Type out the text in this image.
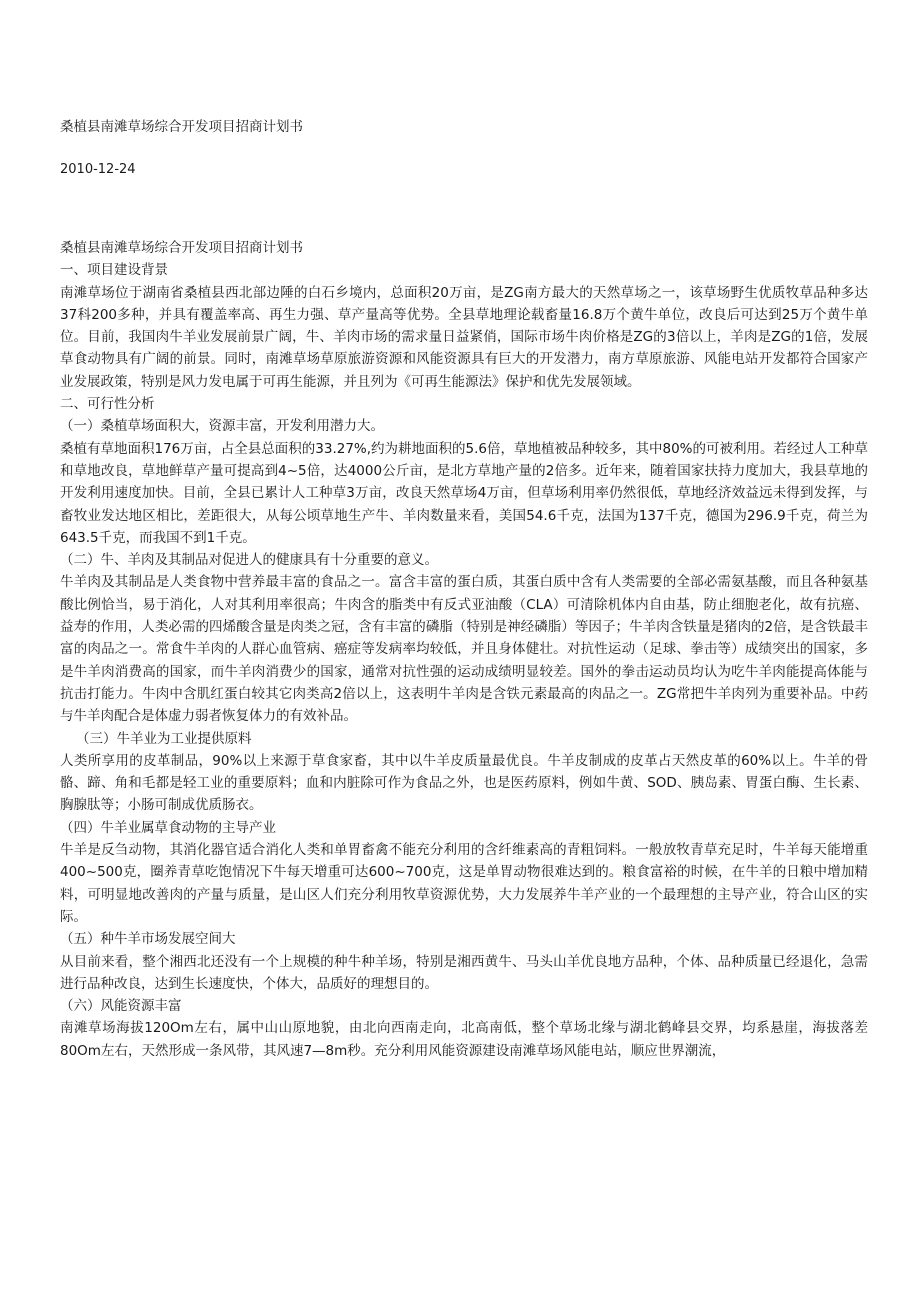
桑植县南滩草场综合开发项目招商计划书
2010-12-24

桑植县南滩草场综合开发项目招商计划书

一、项目建设背景

南滩草场位于湖南省桑植县西北部边陲的白石乡境内，总面积20万亩，是ZG南方最大的天然草场之一，该草场野生优质牧草品种多达37科200多种，并具有覆盖率高、再生力强、草产量高等优势。全县草地理论载畜量16.8万个黄牛单位，改良后可达到25万个黄牛单位。目前，我国肉牛羊业发展前景广阔，牛、羊肉市场的需求量日益紧俏，国际市场牛肉价格是ZG的3倍以上，羊肉是ZG的1倍，发展草食动物具有广阔的前景。同时，南滩草场草原旅游资源和风能资源具有巨大的开发潜力，南方草原旅游、风能电站开发都符合国家产业发展政策，特别是风力发电属于可再生能源，并且列为《可再生能源法》保护和优先发展领域。

二、可行性分析

（一）桑植草场面积大，资源丰富，开发利用潜力大。

桑植有草地面积176万亩，占全县总面积的33.27%,约为耕地面积的5.6倍，草地植被品种较多，其中80%的可被利用。若经过人工种草和草地改良，草地鲜草产量可提高到4~5倍，达4000公斤亩，是北方草地产量的2倍多。近年来，随着国家扶持力度加大，我县草地的开发利用速度加快。目前，全县已累计人工种草3万亩，改良天然草场4万亩，但草场利用率仍然很低，草地经济效益远未得到发挥，与畜牧业发达地区相比，差距很大，从每公顷草地生产牛、羊肉数量来看，美国54.6千克，法国为137千克，德国为296.9千克，荷兰为643.5千克，而我国不到1千克。

（二）牛、羊肉及其制品对促进人的健康具有十分重要的意义。

牛羊肉及其制品是人类食物中营养最丰富的食品之一。富含丰富的蛋白质，其蛋白质中含有人类需要的全部必需氨基酸，而且各种氨基酸比例恰当，易于消化，人对其利用率很高；牛肉含的脂类中有反式亚油酸（CLA）可清除机体内自由基，防止细胞老化，故有抗癌、益寿的作用，人类必需的四烯酸含量是肉类之冠，含有丰富的磷脂（特别是神经磷脂）等因子；牛羊肉含铁量是猪肉的2倍，是含铁最丰富的肉品之一。常食牛羊肉的人群心血管病、癌症等发病率均较低，并且身体健壮。对抗性运动（足球、拳击等）成绩突出的国家，多是牛羊肉消费高的国家，而牛羊肉消费少的国家，通常对抗性强的运动成绩明显较差。国外的拳击运动员均认为吃牛羊肉能提高体能与抗击打能力。牛肉中含肌红蛋白较其它肉类高2倍以上，这表明牛羊肉是含铁元素最高的肉品之一。ZG常把牛羊肉列为重要补品。中药与牛羊肉配合是体虚力弱者恢复体力的有效补品。

（三）牛羊业为工业提供原料

人类所享用的皮革制品，90%以上来源于草食家畜，其中以牛羊皮质量最优良。牛羊皮制成的皮革占天然皮革的60%以上。牛羊的骨骼、蹄、角和毛都是轻工业的重要原料；血和内脏除可作为食品之外，也是医药原料，例如牛黄、SOD、胰岛素、胃蛋白酶、生长素、胸腺肽等；小肠可制成优质肠衣。

（四）牛羊业属草食动物的主导产业

牛羊是反刍动物，其消化器官适合消化人类和单胃畜禽不能充分利用的含纤维素高的青粗饲料。一般放牧青草充足时，牛羊每天能增重400~500克，圈养青草吃饱情况下牛每天增重可达600~700克，这是单胃动物很难达到的。粮食富裕的时候，在牛羊的日粮中增加精料，可明显地改善肉的产量与质量，是山区人们充分利用牧草资源优势，大力发展养牛羊产业的一个最理想的主导产业，符合山区的实际。

（五）种牛羊市场发展空间大

从目前来看，整个湘西北还没有一个上规模的种牛种羊场，特别是湘西黄牛、马头山羊优良地方品种，个体、品种质量已经退化，急需进行品种改良，达到生长速度快，个体大，品质好的理想目的。

（六）风能资源丰富

南滩草场海拔120Om左右，属中山山原地貌，由北向西南走向，北高南低，整个草场北缘与湖北鹤峰县交界，均系悬崖，海拔落差80Om左右，天然形成一条风带，其风速7—8m秒。充分利用风能资源建设南滩草场风能电站，顺应世界潮流，
